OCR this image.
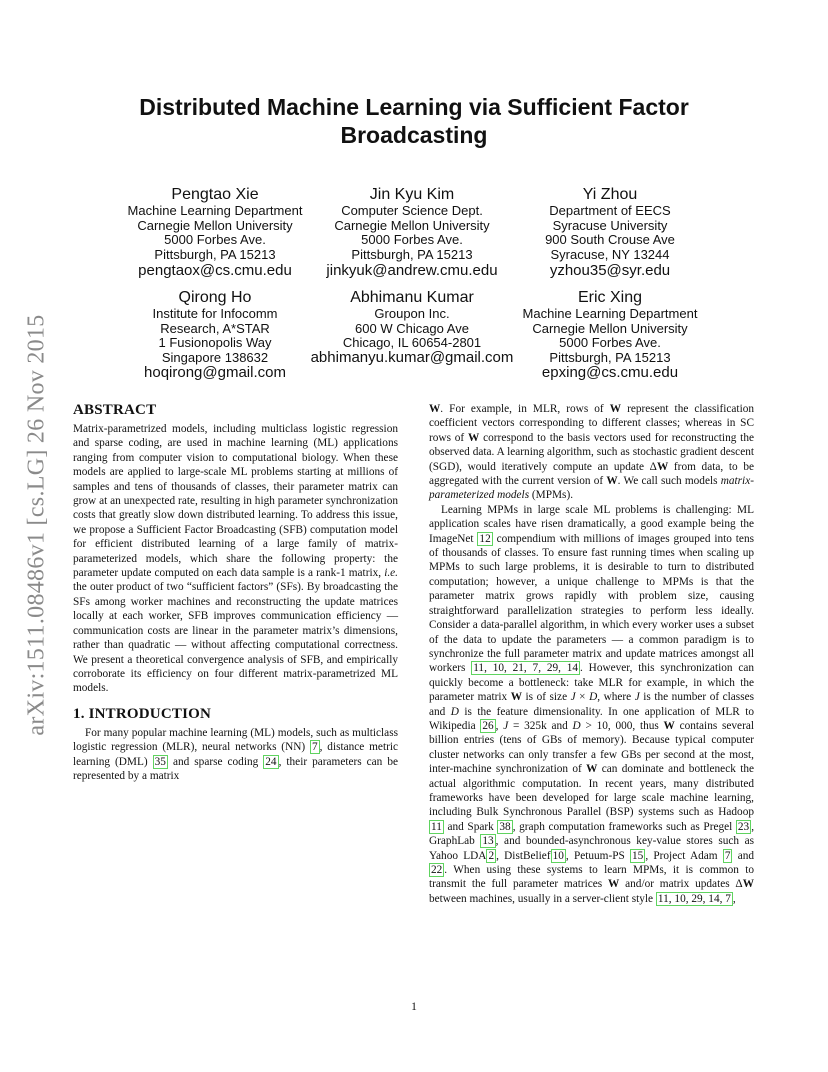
arXiv:1511.08486v1 [cs.LG] 26 Nov 2015
Distributed Machine Learning via Sufficient Factor Broadcasting
Pengtao Xie
Machine Learning Department
Carnegie Mellon University
5000 Forbes Ave.
Pittsburgh, PA 15213
pengtaox@cs.cmu.edu
Jin Kyu Kim
Computer Science Dept.
Carnegie Mellon University
5000 Forbes Ave.
Pittsburgh, PA 15213
jinkyuk@andrew.cmu.edu
Yi Zhou
Department of EECS
Syracuse University
900 South Crouse Ave
Syracuse, NY 13244
yzhou35@syr.edu
Qirong Ho
Institute for Infocomm
Research, A*STAR
1 Fusionopolis Way
Singapore 138632
hoqirong@gmail.com
Abhimanu Kumar
Groupon Inc.
600 W Chicago Ave
Chicago, IL 60654-2801
abhimanyu.kumar@gmail.com
Eric Xing
Machine Learning Department
Carnegie Mellon University
5000 Forbes Ave.
Pittsburgh, PA 15213
epxing@cs.cmu.edu
ABSTRACT

Matrix-parametrized models, including multiclass logistic regression and sparse coding, are used in machine learning (ML) applications ranging from computer vision to computational biology. When these models are applied to large-scale ML problems starting at millions of samples and tens of thousands of classes, their parameter matrix can grow at an unexpected rate, resulting in high parameter synchronization costs that greatly slow down distributed learning. To address this issue, we propose a Sufficient Factor Broadcasting (SFB) computation model for efficient distributed learning of a large family of matrix-parameterized models, which share the following property: the parameter update computed on each data sample is a rank-1 matrix, i.e. the outer product of two “sufficient factors” (SFs). By broadcasting the SFs among worker machines and reconstructing the update matrices locally at each worker, SFB improves communication efficiency — communication costs are linear in the parameter matrix’s dimensions, rather than quadratic — without affecting computational correctness. We present a theoretical convergence analysis of SFB, and empirically corroborate its efficiency on four different matrix-parametrized ML models.

1. INTRODUCTION

For many popular machine learning (ML) models, such as multiclass logistic regression (MLR), neural networks (NN) 7 , distance metric learning (DML) 35 and sparse coding 24 , their parameters can be represented by a matrix

W. For example, in MLR, rows of W represent the classification coefficient vectors corresponding to different classes; whereas in SC rows of W correspond to the basis vectors used for reconstructing the observed data. A learning algorithm, such as stochastic gradient descent (SGD), would iteratively compute an update ΔW from data, to be aggregated with the current version of W. We call such models matrix-parameterized models (MPMs).

Learning MPMs in large scale ML problems is challenging: ML application scales have risen dramatically, a good example being the ImageNet 12 compendium with millions of images grouped into tens of thousands of classes. To ensure fast running times when scaling up MPMs to such large problems, it is desirable to turn to distributed computation; however, a unique challenge to MPMs is that the parameter matrix grows rapidly with problem size, causing straightforward parallelization strategies to perform less ideally. Consider a data-parallel algorithm, in which every worker uses a subset of the data to update the parameters — a common paradigm is to synchronize the full parameter matrix and update matrices amongst all workers 11, 10, 21, 7, 29, 14 . However, this synchronization can quickly become a bottleneck: take MLR for example, in which the parameter matrix W is of size J × D, where J is the number of classes and D is the feature dimensionality. In one application of MLR to Wikipedia 26 , J = 325k and D > 10, 000, thus W contains several billion entries (tens of GBs of memory). Because typical computer cluster networks can only transfer a few GBs per second at the most, inter-machine synchronization of W can dominate and bottleneck the actual algorithmic computation. In recent years, many distributed frameworks have been developed for large scale machine learning, including Bulk Synchronous Parallel (BSP) systems such as Hadoop 11 and Spark 38 , graph computation frameworks such as Pregel 23 , GraphLab 13 , and bounded-asynchronous key-value stores such as Yahoo LDA 2 , DistBelief 10 , Petuum-PS 15 , Project Adam 7 and 22 . When using these systems to learn MPMs, it is common to transmit the full parameter matrices W and/or matrix updates ΔW between machines, usually in a server-client style 11, 10, 29, 14, 7 ,

1
